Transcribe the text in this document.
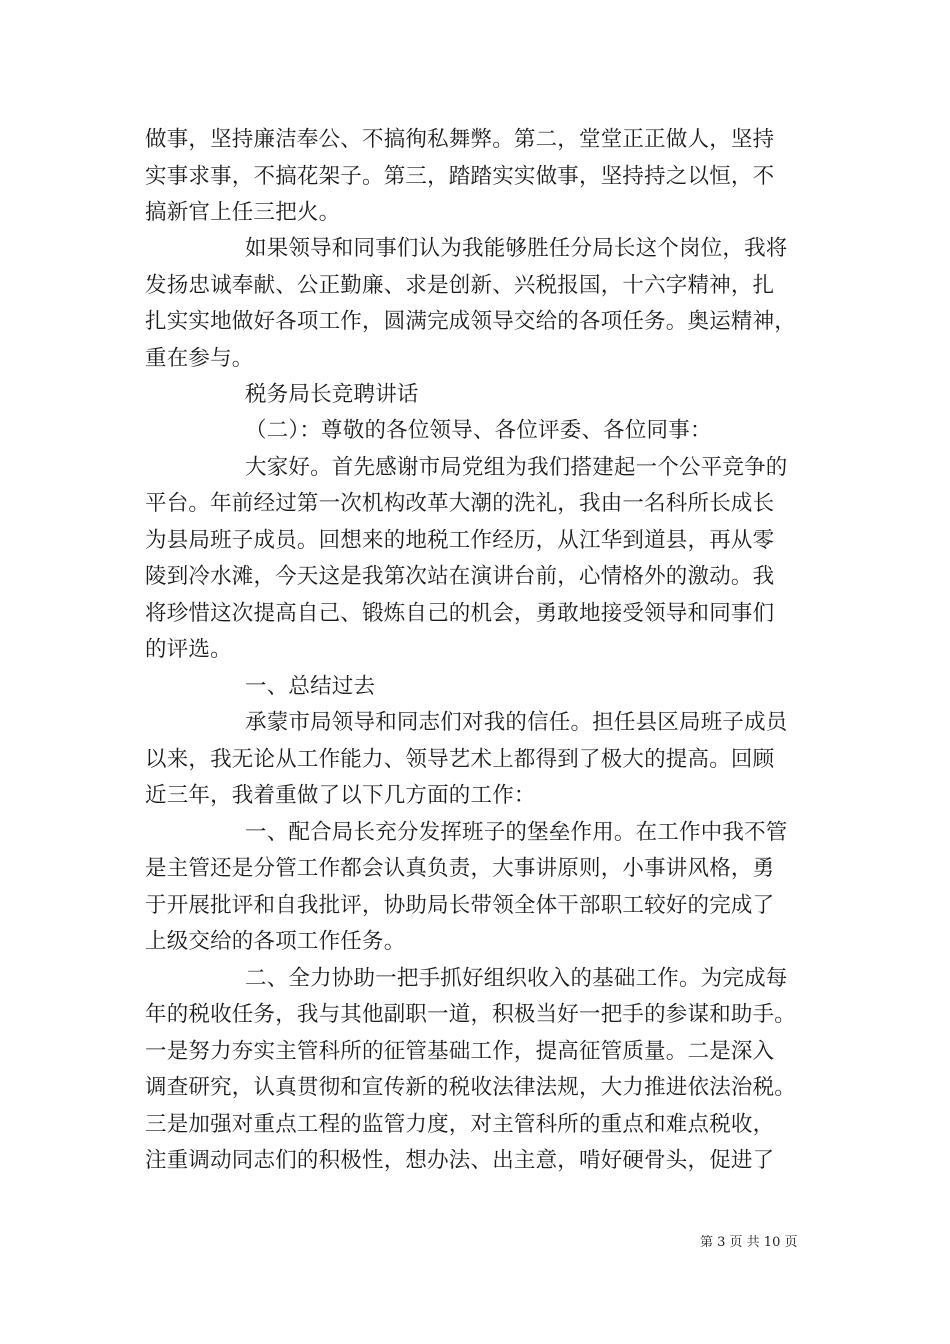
做事，坚持廉洁奉公、不搞徇私舞弊。第二，堂堂正正做人，坚持
实事求事，不搞花架子。第三，踏踏实实做事，坚持持之以恒，不
搞新官上任三把火。
如果领导和同事们认为我能够胜任分局长这个岗位，我将
发扬忠诚奉献、公正勤廉、求是创新、兴税报国，十六字精神，扎
扎实实地做好各项工作，圆满完成领导交给的各项任务。奥运精神，
重在参与。
税务局长竞聘讲话
（二）：尊敬的各位领导、各位评委、各位同事：
大家好。首先感谢市局党组为我们搭建起一个公平竞争的
平台。年前经过第一次机构改革大潮的洗礼，我由一名科所长成长
为县局班子成员。回想来的地税工作经历，从江华到道县，再从零
陵到冷水滩，今天这是我第次站在演讲台前，心情格外的激动。我
将珍惜这次提高自己、锻炼自己的机会，勇敢地接受领导和同事们
的评选。
一、总结过去
承蒙市局领导和同志们对我的信任。担任县区局班子成员
以来，我无论从工作能力、领导艺术上都得到了极大的提高。回顾
近三年，我着重做了以下几方面的工作：
一、配合局长充分发挥班子的堡垒作用。在工作中我不管
是主管还是分管工作都会认真负责，大事讲原则，小事讲风格，勇
于开展批评和自我批评，协助局长带领全体干部职工较好的完成了
上级交给的各项工作任务。
二、全力协助一把手抓好组织收入的基础工作。为完成每
年的税收任务，我与其他副职一道，积极当好一把手的参谋和助手。
一是努力夯实主管科所的征管基础工作，提高征管质量。二是深入
调查研究，认真贯彻和宣传新的税收法律法规，大力推进依法治税。
三是加强对重点工程的监管力度，对主管科所的重点和难点税收，
注重调动同志们的积极性，想办法、出主意，啃好硬骨头，促进了
第 3 页 共 10 页
